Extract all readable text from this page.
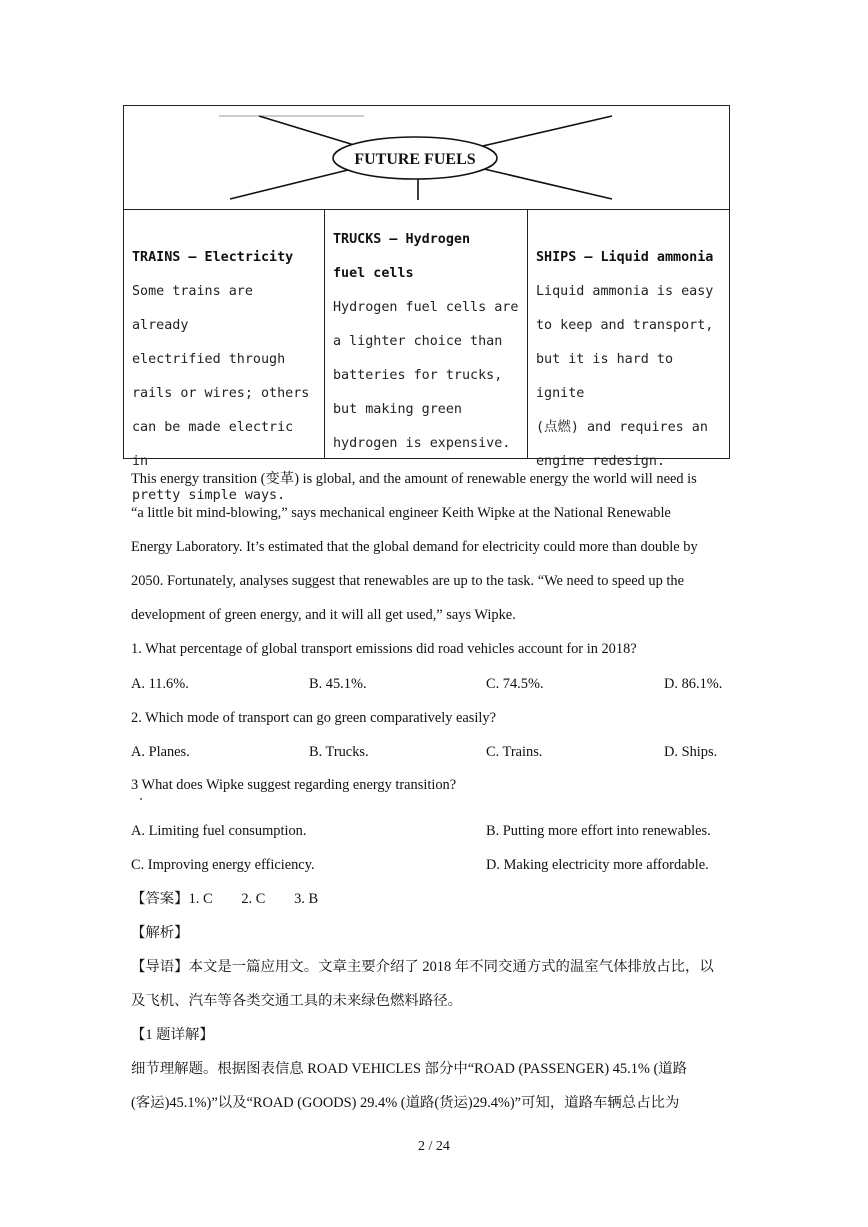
FUTURE FUELS
TRAINS — Electricity
Some trains are already
electrified through
rails or wires; others
can be made electric in
pretty simple ways.
TRUCKS — Hydrogen
fuel cells
Hydrogen fuel cells are
a lighter choice than
batteries for trucks,
but making green
hydrogen is expensive.
SHIPS — Liquid ammonia
Liquid ammonia is easy
to keep and transport,
but it is hard to ignite
(点燃) and requires an
engine redesign.
This energy transition (变革) is global, and the amount of renewable energy the world will need is
“a little bit mind-blowing,” says mechanical engineer Keith Wipke at the National Renewable
Energy Laboratory. It’s estimated that the global demand for electricity could more than double by
2050. Fortunately, analyses suggest that renewables are up to the task. “We need to speed up the
development of green energy, and it will all get used,” says Wipke.
1. What percentage of global transport emissions did road vehicles account for in 2018?
A. 11.6%.	B. 45.1%.	C. 74.5%.	D. 86.1%.
2. Which mode of transport can go green comparatively easily?
A. Planes.	B. Trucks.	C. Trains.	D. Ships.
3 What does Wipke suggest regarding energy transition?
A. Limiting fuel consumption.	B. Putting more effort into renewables.
C. Improving energy efficiency.	D. Making electricity more affordable.
【答案】1. C        2. C        3. B
【解析】
【导语】本文是一篇应用文。文章主要介绍了 2018 年不同交通方式的温室气体排放占比，以
及飞机、汽车等各类交通工具的未来绿色燃料路径。
【1 题详解】
细节理解题。根据图表信息 ROAD VEHICLES 部分中“ROAD (PASSENGER) 45.1% (道路
(客运)45.1%)”以及“ROAD (GOODS) 29.4% (道路(货运)29.4%)”可知，道路车辆总占比为
2 / 24
